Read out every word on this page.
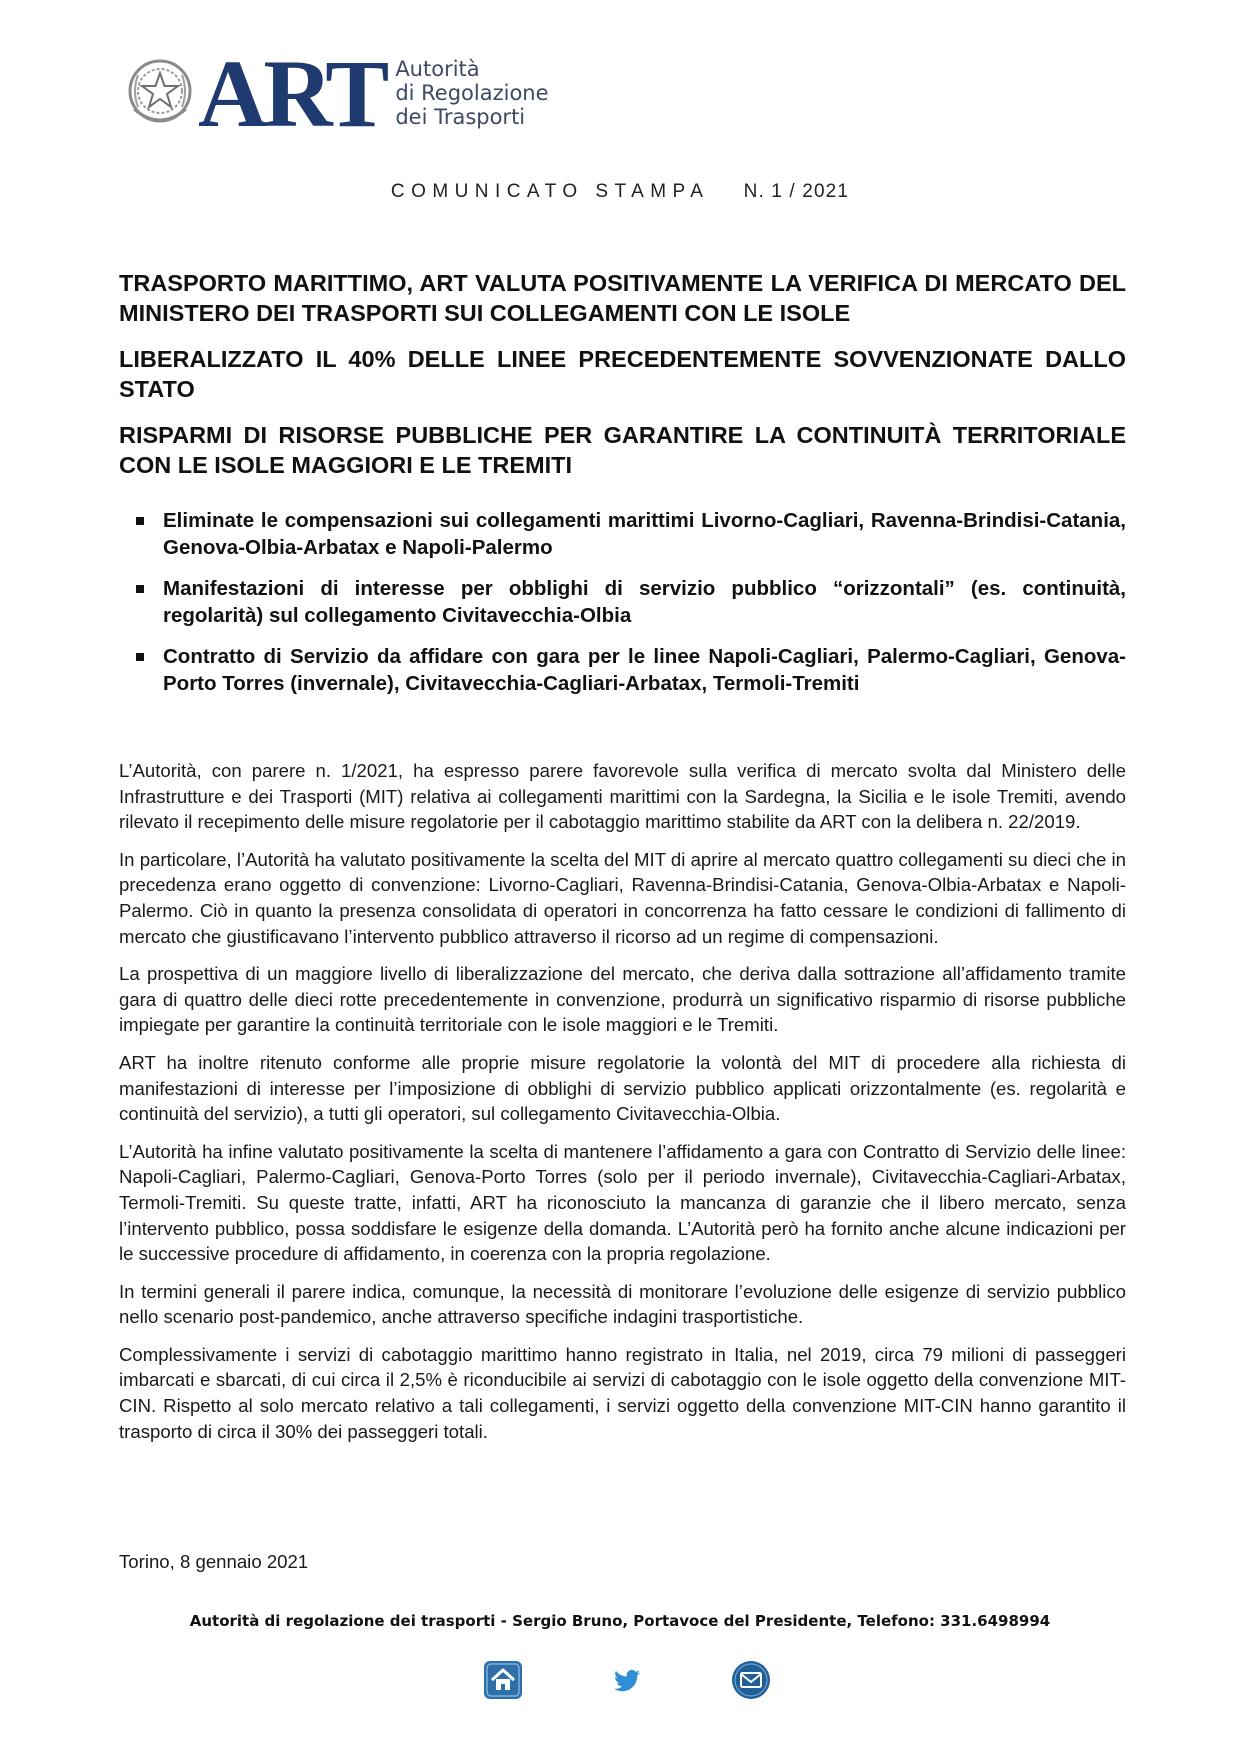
ART Autorità
di Regolazione
dei Trasporti
COMUNICATO STAMPA N. 1 / 2021
TRASPORTO MARITTIMO, ART VALUTA POSITIVAMENTE LA VERIFICA DI MERCATO DEL MINISTERO DEI TRASPORTI SUI COLLEGAMENTI CON LE ISOLE
LIBERALIZZATO IL 40% DELLE LINEE PRECEDENTEMENTE SOVVENZIONATE DALLO STATO
RISPARMI DI RISORSE PUBBLICHE PER GARANTIRE LA CONTINUITÀ TERRITORIALE CON LE ISOLE MAGGIORI E LE TREMITI
Eliminate le compensazioni sui collegamenti marittimi Livorno-Cagliari, Ravenna-Brindisi-Catania, Genova-Olbia-Arbatax e Napoli-Palermo
Manifestazioni di interesse per obblighi di servizio pubblico “orizzontali” (es. continuità, regolarità) sul collegamento Civitavecchia-Olbia
Contratto di Servizio da affidare con gara per le linee Napoli-Cagliari, Palermo-Cagliari, Genova-Porto Torres (invernale), Civitavecchia-Cagliari-Arbatax, Termoli-Tremiti

L’Autorità, con parere n. 1/2021, ha espresso parere favorevole sulla verifica di mercato svolta dal Ministero delle Infrastrutture e dei Trasporti (MIT) relativa ai collegamenti marittimi con la Sardegna, la Sicilia e le isole Tremiti, avendo rilevato il recepimento delle misure regolatorie per il cabotaggio marittimo stabilite da ART con la delibera n. 22/2019.

In particolare, l’Autorità ha valutato positivamente la scelta del MIT di aprire al mercato quattro collegamenti su dieci che in precedenza erano oggetto di convenzione: Livorno-Cagliari, Ravenna-Brindisi-Catania, Genova-Olbia-Arbatax e Napoli-Palermo. Ciò in quanto la presenza consolidata di operatori in concorrenza ha fatto cessare le condizioni di fallimento di mercato che giustificavano l’intervento pubblico attraverso il ricorso ad un regime di compensazioni.

La prospettiva di un maggiore livello di liberalizzazione del mercato, che deriva dalla sottrazione all’affidamento tramite gara di quattro delle dieci rotte precedentemente in convenzione, produrrà un significativo risparmio di risorse pubbliche impiegate per garantire la continuità territoriale con le isole maggiori e le Tremiti.

ART ha inoltre ritenuto conforme alle proprie misure regolatorie la volontà del MIT di procedere alla richiesta di manifestazioni di interesse per l’imposizione di obblighi di servizio pubblico applicati orizzontalmente (es. regolarità e continuità del servizio), a tutti gli operatori, sul collegamento Civitavecchia-Olbia.

L’Autorità ha infine valutato positivamente la scelta di mantenere l’affidamento a gara con Contratto di Servizio delle linee: Napoli-Cagliari, Palermo-Cagliari, Genova-Porto Torres (solo per il periodo invernale), Civitavecchia-Cagliari-Arbatax, Termoli-Tremiti. Su queste tratte, infatti, ART ha riconosciuto la mancanza di garanzie che il libero mercato, senza l’intervento pubblico, possa soddisfare le esigenze della domanda. L’Autorità però ha fornito anche alcune indicazioni per le successive procedure di affidamento, in coerenza con la propria regolazione.

In termini generali il parere indica, comunque, la necessità di monitorare l’evoluzione delle esigenze di servizio pubblico nello scenario post-pandemico, anche attraverso specifiche indagini trasportistiche.

Complessivamente i servizi di cabotaggio marittimo hanno registrato in Italia, nel 2019, circa 79 milioni di passeggeri imbarcati e sbarcati, di cui circa il 2,5% è riconducibile ai servizi di cabotaggio con le isole oggetto della convenzione MIT-CIN. Rispetto al solo mercato relativo a tali collegamenti, i servizi oggetto della convenzione MIT-CIN hanno garantito il trasporto di circa il 30% dei passeggeri totali.

Torino, 8 gennaio 2021
Autorità di regolazione dei trasporti - Sergio Bruno, Portavoce del Presidente, Telefono: 331.6498994
